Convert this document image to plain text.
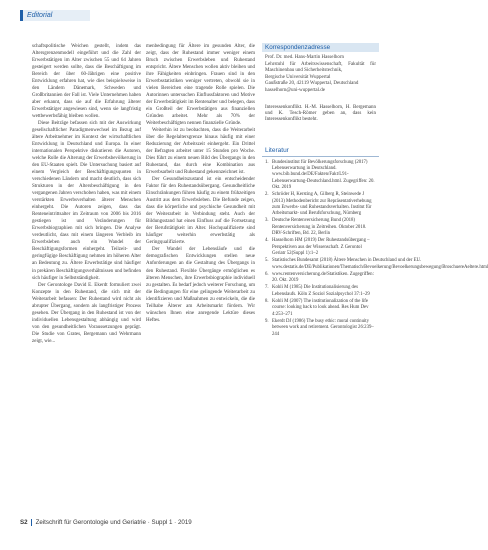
Editorial

schaftspolitische Weichen gestellt, indem das Altersgrenzenmodell eingeführt und die Zahl der Erwerbstätigen im Alter zwischen 55 und 64 Jahren gesteigert werden sollte, dass die Beschäftigung im Bereich der über 60-Jährigen eine positive Entwicklung erfahren hat, wie dies beispielsweise in den Ländern Dänemark, Schweden und Großbritannien der Fall ist. Viele Unternehmen haben aber erkannt, dass sie auf die Erfahrung älterer Erwerbstätiger angewiesen sind, wenn sie langfristig wettbewerbsfähig bleiben wollen.

Diese Beiträge befassen sich mit der Auswirkung gesellschaftlicher Paradigmenwechsel im Bezug auf ältere Arbeitnehmer im Kontext der wirtschaftlichen Entwicklung in Deutschland und Europa. In einer internationalen Perspektive diskutieren die Autoren, welche Rolle die Alterung der Erwerbsbevölkerung in den EU-Staaten spielt. Die Untersuchung basiert auf einem Vergleich der Beschäftigungsquoten in verschiedenen Ländern und macht deutlich, dass sich Strukturen in der Altersbeschäftigung in den vergangenen Jahren verschoben haben, was mit einem verstärkten Erwerbsverhalten älterer Menschen einhergeht. Die Autoren zeigen, dass das Renteneintrittsalter im Zeitraum von 2006 bis 2016 gestiegen ist und Veränderungen für Erwerbsbiographien mit sich bringen. Die Analyse verdeutlicht, dass mit einem längeren Verbleib im Erwerbsleben auch ein Wandel der Beschäftigungsformen einhergeht. Teilzeit- und geringfügige Beschäftigung nehmen im höheren Alter an Bedeutung zu. Ältere Erwerbstätige sind häufiger in prekären Beschäftigungsverhältnissen und befinden sich häufiger in Selbstständigkeit.

Der Gerontologe David E. Ekerdt formuliert zwei Konzepte in den Ruhestand, die sich mit der Weiterarbeit befassen: Der Ruhestand wird nicht als abrupter Übergang, sondern als langfristiger Prozess gesehen. Der Übergang in den Ruhestand ist von der individuellen Lebensgestaltung abhängig und wird von den gesundheitlichen Voraussetzungen geprägt. Die Studie von Grates, Bergemann und Wehrmann zeigt, wie...

menbedingung für Ältere im gesunden Alter, die zeigt, dass der Ruhestand immer weniger einem Bruch zwischen Erwerbsleben und Ruhestand entspricht. Ältere Menschen wollen aktiv bleiben und ihre Fähigkeiten einbringen. Frauen sind in den Erwerbsstatistiken weniger vertreten, obwohl sie in vielen Bereichen eine tragende Rolle spielen. Die Autorinnen untersuchen Einflussfaktoren und Motive der Erwerbstätigkeit im Rentenalter und belegen, dass ein Großteil der Erwerbstätigen aus finanziellen Gründen arbeitet. Mehr als 70% der Weiterbeschäftigten nennen finanzielle Gründe.

Weiterhin ist zu beobachten, dass die Weiterarbeit über die Regelaltersgrenze hinaus häufig mit einer Reduzierung der Arbeitszeit einhergeht. Ein Drittel der Befragten arbeitet unter 15 Stunden pro Woche. Dies führt zu einem neuen Bild des Übergangs in den Ruhestand, das durch eine Kombination aus Erwerbsarbeit und Ruhestand gekennzeichnet ist.

Der Gesundheitszustand ist ein entscheidender Faktor für den Ruhestandsübergang. Gesundheitliche Einschränkungen führen häufig zu einem frühzeitigen Austritt aus dem Erwerbsleben. Die Befunde zeigen, dass die körperliche und psychische Gesundheit mit der Weiterarbeit in Verbindung steht. Auch der Bildungsstand hat einen Einfluss auf die Fortsetzung der Berufstätigkeit im Alter. Hochqualifizierte sind häufiger weiterhin erwerbstätig als Geringqualifizierte.

Der Wandel der Lebensläufe und die demografischen Entwicklungen stellen neue Anforderungen an die Gestaltung des Übergangs in den Ruhestand. Flexible Übergänge ermöglichen es älteren Menschen, ihre Erwerbsbiographie individuell zu gestalten. Es bedarf jedoch weiterer Forschung, um die Bedingungen für eine gelingende Weiterarbeit zu identifizieren und Maßnahmen zu entwickeln, die die Teilhabe Älterer am Arbeitsmarkt fördern. Wir wünschen Ihnen eine anregende Lektüre dieses Heftes.

Korrespondenzadresse
Prof. Dr. med. Hans-Martin Hasselhorn
Lehrstuhl für Arbeitswissenschaft, Fakultät für Maschinenbau und Sicherheitstechnik,
Bergische Universität Wuppertal
Gaußstraße 20, 42119 Wuppertal, Deutschland
hasselhorn@uni-wuppertal.de
Interessenkonflikt. H.-M. Hasselhorn, H. Bergemann und K. Tesch-Römer geben an, dass kein Interessenkonflikt besteht.
Literatur
1. Bundesinstitut für Bevölkerungsforschung (2017) Lebenserwartung in Deutschland. www.bib.bund.de/DE/Fakten/Fakt/L91-Lebenserwartung-Deutschland.html. Zugegriffen: 20. Okt. 2019
2. Schröder H, Kersting A, Gilberg R, Steinwede J (2013) Methodenbericht zur Repräsentativerhebung zum Erwerbs- und Ruhestandsverhalten. Institut für Arbeitsmarkt- und Berufsforschung, Nürnberg
3. Deutsche Rentenversicherung Bund (2018) Rentenversicherung in Zeitreihen. Oktober 2018. DRV-Schriften, Bd. 22, Berlin
4. Hasselhorn HM (2019) Der Ruhestandsübergang – Perspektiven aus der Wissenschaft. Z Gerontol Geriatr 52(Suppl 1):1–2
5. Statistisches Bundesamt (2018) Ältere Menschen in Deutschland und der EU. www.destatis.de/DE/Publikationen/Thematisch/Bevoelkerung/Bevoelkerungsbewegung/BroschuereAeltere.html
6. www.rentenversicherung.de/Statistiken. Zugegriffen: 20. Okt. 2019
7. Kohli M (1985) Die Institutionalisierung des Lebenslaufs. Köln Z Soziol Sozialpsychol 37:1–29
8. Kohli M (2007) The institutionalization of the life course: looking back to look ahead. Res Hum Dev 4:253–271
9. Ekerdt DJ (1986) The busy ethic: moral continuity between work and retirement. Gerontologist 26:239–244
S2 Zeitschrift für Gerontologie und Geriatrie · Suppl 1 · 2019
